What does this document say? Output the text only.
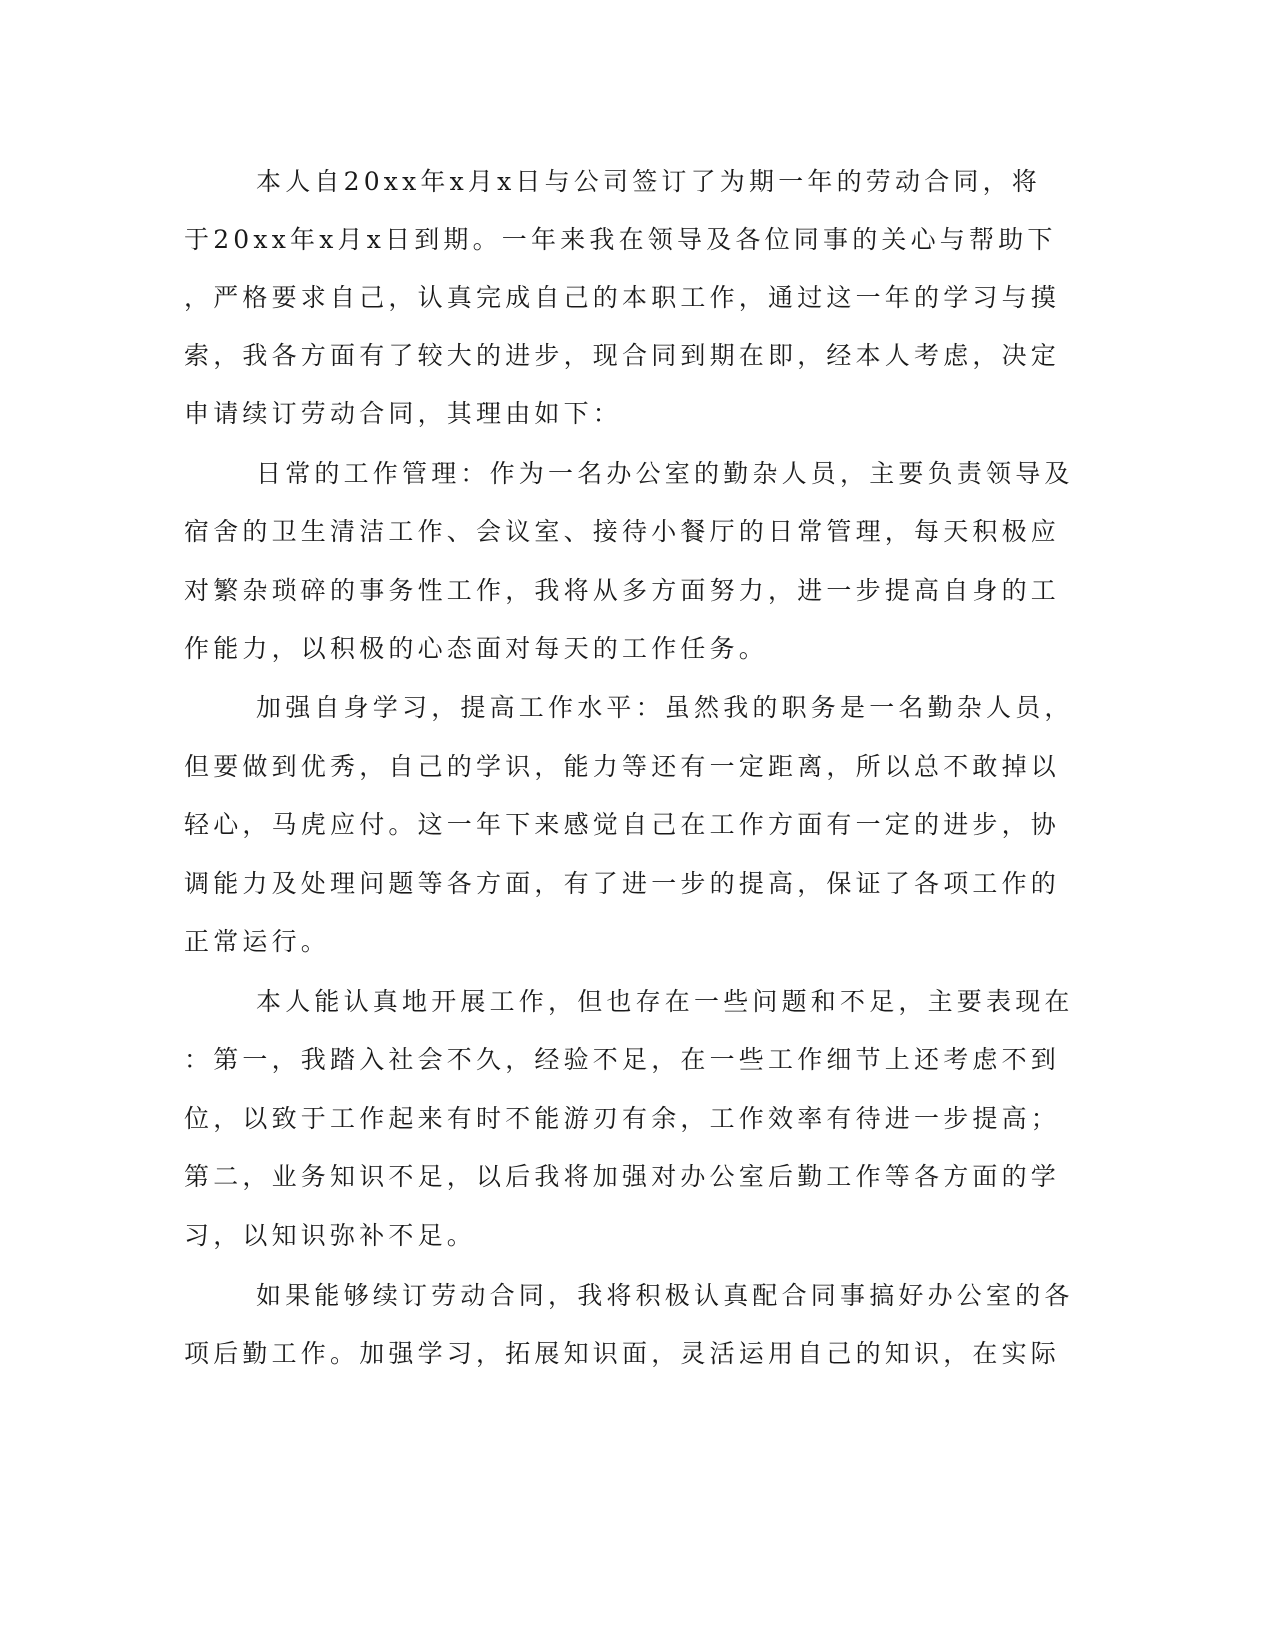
本人自20xx年x月x日与公司签订了为期一年的劳动合同，将

于20xx年x月x日到期。一年来我在领导及各位同事的关心与帮助下

，严格要求自己，认真完成自己的本职工作，通过这一年的学习与摸

索，我各方面有了较大的进步，现合同到期在即，经本人考虑，决定

申请续订劳动合同，其理由如下：

日常的工作管理：作为一名办公室的勤杂人员，主要负责领导及

宿舍的卫生清洁工作、会议室、接待小餐厅的日常管理，每天积极应

对繁杂琐碎的事务性工作，我将从多方面努力，进一步提高自身的工

作能力，以积极的心态面对每天的工作任务。

加强自身学习，提高工作水平：虽然我的职务是一名勤杂人员，

但要做到优秀，自己的学识，能力等还有一定距离，所以总不敢掉以

轻心，马虎应付。这一年下来感觉自己在工作方面有一定的进步，协

调能力及处理问题等各方面，有了进一步的提高，保证了各项工作的

正常运行。

本人能认真地开展工作，但也存在一些问题和不足，主要表现在

：第一，我踏入社会不久，经验不足，在一些工作细节上还考虑不到

位，以致于工作起来有时不能游刃有余，工作效率有待进一步提高；

第二，业务知识不足，以后我将加强对办公室后勤工作等各方面的学

习，以知识弥补不足。

如果能够续订劳动合同，我将积极认真配合同事搞好办公室的各

项后勤工作。加强学习，拓展知识面，灵活运用自己的知识，在实际
